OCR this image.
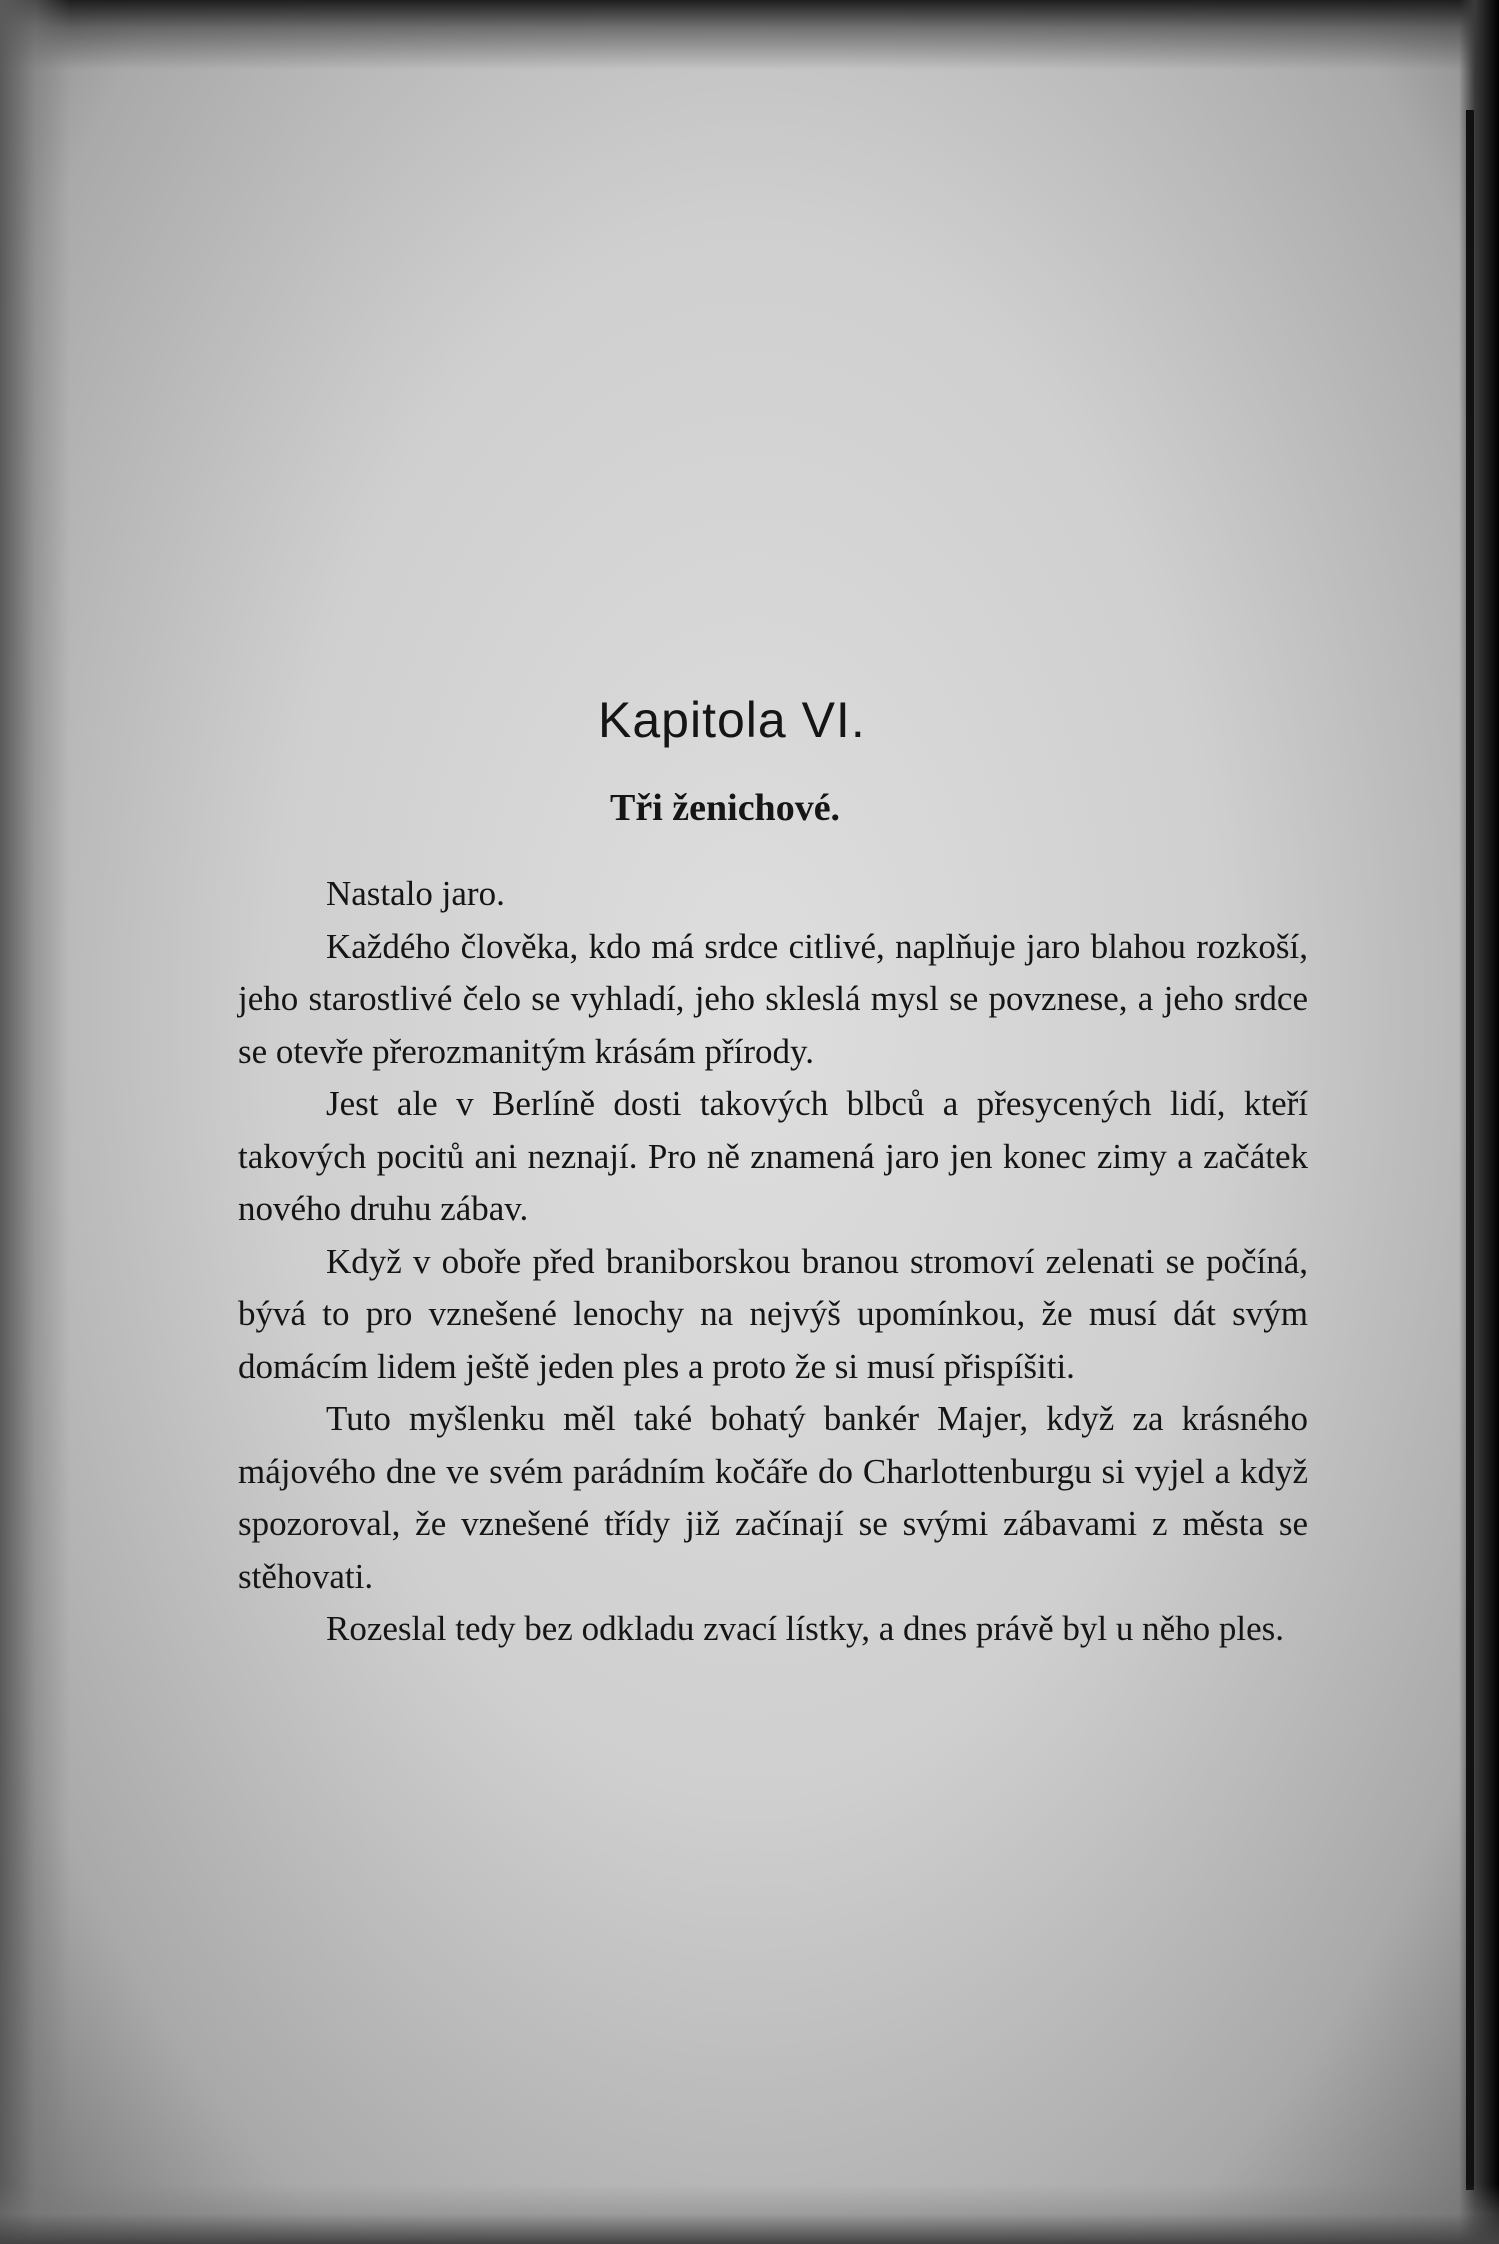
Kapitola VI.
Tři ženichové.

Nastalo jaro.

Každého člověka, kdo má srdce citlivé, naplňuje jaro blahou rozkoší, jeho starostlivé čelo se vyhladí, jeho skleslá mysl se povznese, a jeho srdce se otevře přerozmanitým krásám přírody.

Jest ale v Berlíně dosti takových blbců a přesycených lidí, kteří takových pocitů ani neznají. Pro ně znamená jaro jen konec zimy a začátek nového druhu zábav.

Když v oboře před braniborskou branou stromoví zelenati se počíná, bývá to pro vznešené lenochy na nejvýš upomínkou, že musí dát svým domácím lidem ještě jeden ples a proto že si musí přispíšiti.

Tuto myšlenku měl také bohatý bankér Majer, když za krásného májového dne ve svém parádním kočáře do Charlottenburgu si vyjel a když spozoroval, že vznešené třídy již začínají se svými zábavami z města se stěhovati.

Rozeslal tedy bez odkladu zvací lístky, a dnes právě byl u něho ples.
